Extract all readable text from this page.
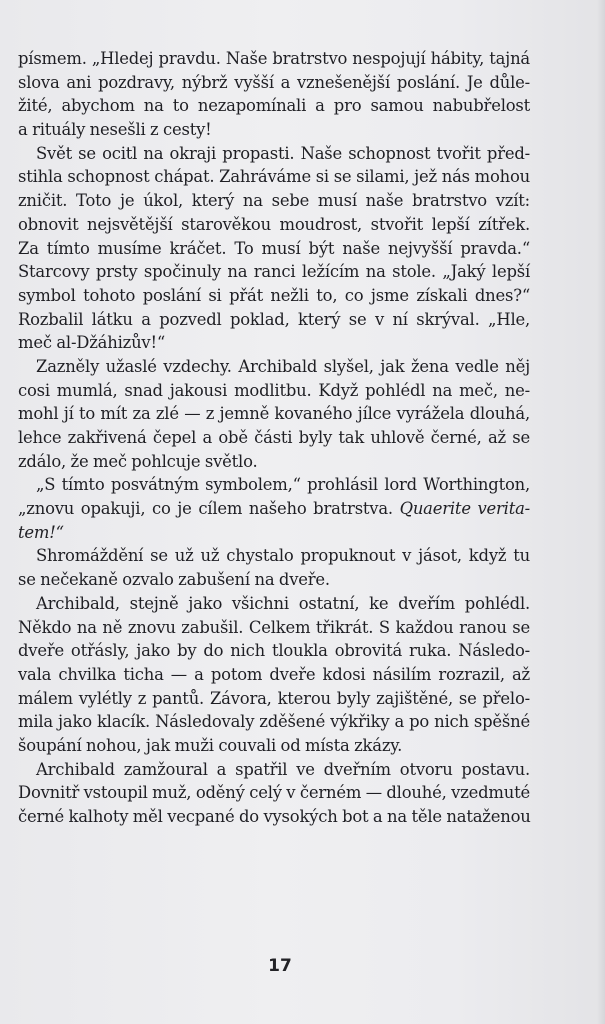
písmem. „Hledej pravdu. Naše bratrstvo nespojují hábity, tajná
slova ani pozdravy, nýbrž vyšší a vznešenější poslání. Je důle-
žité, abychom na to nezapomínali a pro samou nabubřelost
a rituály nesešli z cesty!
Svět se ocitl na okraji propasti. Naše schopnost tvořit před-
stihla schopnost chápat. Zahráváme si se silami, jež nás mohou
zničit. Toto je úkol, který na sebe musí naše bratrstvo vzít:
obnovit nejsvětější starověkou moudrost, stvořit lepší zítřek.
Za tímto musíme kráčet. To musí být naše nejvyšší pravda.“
Starcovy prsty spočinuly na ranci ležícím na stole. „Jaký lepší
symbol tohoto poslání si přát nežli to, co jsme získali dnes?“
Rozbalil látku a pozvedl poklad, který se v ní skrýval. „Hle,
meč al-Džáhizův!“
Zazněly užaslé vzdechy. Archibald slyšel, jak žena vedle něj
cosi mumlá, snad jakousi modlitbu. Když pohlédl na meč, ne-
mohl jí to mít za zlé — z jemně kovaného jílce vyrážela dlouhá,
lehce zakřivená čepel a obě části byly tak uhlově černé, až se
zdálo, že meč pohlcuje světlo.
„S tímto posvátným symbolem,“ prohlásil lord Worthington,
„znovu opakuji, co je cílem našeho bratrstva. Quaerite verita-
tem!“
Shromáždění se už už chystalo propuknout v jásot, když tu
se nečekaně ozvalo zabušení na dveře.
Archibald, stejně jako všichni ostatní, ke dveřím pohlédl.
Někdo na ně znovu zabušil. Celkem třikrát. S každou ranou se
dveře otřásly, jako by do nich tloukla obrovitá ruka. Následo-
vala chvilka ticha — a potom dveře kdosi násilím rozrazil, až
málem vylétly z pantů. Závora, kterou byly zajištěné, se přelo-
mila jako klacík. Následovaly zděšené výkřiky a po nich spěšné
šoupání nohou, jak muži couvali od místa zkázy.
Archibald zamžoural a spatřil ve dveřním otvoru postavu.
Dovnitř vstoupil muž, oděný celý v černém — dlouhé, vzedmuté
černé kalhoty měl vecpané do vysokých bot a na těle nataženou
17
